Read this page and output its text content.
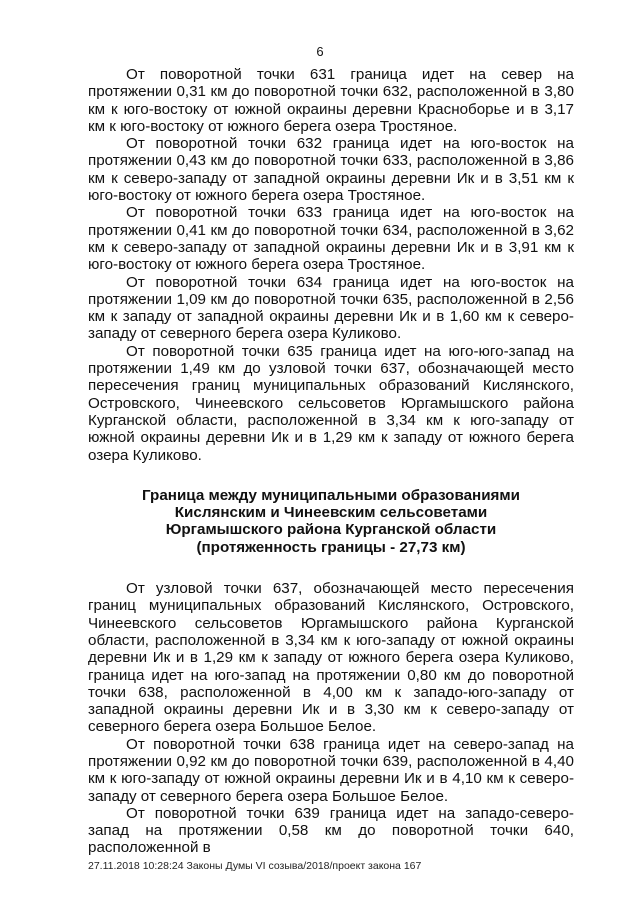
6

От поворотной точки 631 граница идет на север на протяжении 0,31 км до поворотной точки 632, расположенной в 3,80 км к юго-востоку от южной окраины деревни Красноборье и в 3,17 км к юго-востоку от южного берега озера Тростяное.

От поворотной точки 632 граница идет на юго-восток на протяжении 0,43 км до поворотной точки 633, расположенной в 3,86 км к северо-западу от западной окраины деревни Ик и в 3,51 км к юго-востоку от южного берега озера Тростяное.

От поворотной точки 633 граница идет на юго-восток на протяжении 0,41 км до поворотной точки 634, расположенной в 3,62 км к северо-западу от западной окраины деревни Ик и в 3,91 км к юго-востоку от южного берега озера Тростяное.

От поворотной точки 634 граница идет на юго-восток на протяжении 1,09 км до поворотной точки 635, расположенной в 2,56 км к западу от западной окраины деревни Ик и в 1,60 км к северо-западу от северного берега озера Куликово.

От поворотной точки 635 граница идет на юго-юго-запад на протяжении 1,49 км до узловой точки 637, обозначающей место пересечения границ муниципальных образований Кислянского, Островского, Чинеевского сельсоветов Юргамышского района Курганской области, расположенной в 3,34 км к юго-западу от южной окраины деревни Ик и в 1,29 км к западу от южного берега озера Куликово.

Граница между муниципальными образованиями
Кислянским и Чинеевским сельсоветами
Юргамышского района Курганской области
(протяженность границы - 27,73 км)

От узловой точки 637, обозначающей место пересечения границ муниципальных образований Кислянского, Островского, Чинеевского сельсоветов Юргамышского района Курганской области, расположенной в 3,34 км к юго-западу от южной окраины деревни Ик и в 1,29 км к западу от южного берега озера Куликово, граница идет на юго-запад на протяжении 0,80 км до поворотной точки 638, расположенной в 4,00 км к западо-юго-западу от западной окраины деревни Ик и в 3,30 км к северо-западу от северного берега озера Большое Белое.

От поворотной точки 638 граница идет на северо-запад на протяжении 0,92 км до поворотной точки 639, расположенной в 4,40 км к юго-западу от южной окраины деревни Ик и в 4,10 км к северо-западу от северного берега озера Большое Белое.

От поворотной точки 639 граница идет на западо-северо-запад на протяжении 0,58 км до поворотной точки 640, расположенной в

27.11.2018 10:28:24 Законы Думы VI созыва/2018/проект закона 167
